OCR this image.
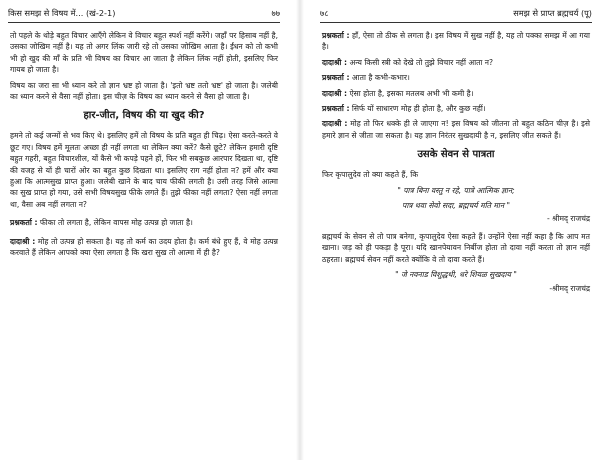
किस समझ से विषय में... (खं-2-1)	७७

तो पहले के थोड़े बहुत विचार आएँगे लेकिन वे विचार बहुत स्पर्श नहीं करेंगे। जहाँ पर हिसाब नहीं है, उसका जोखिम नहीं है। यह तो अगर लिंक जारी रहे तो उसका जोखिम आता है। ईंधन को तो कभी भी हो खुद की माँ के प्रति भी विषय का विचार आ जाता है लेकिन लिंक नहीं होती, इसलिए फिर गायब हो जाता है।

विषय का जरा सा भी ध्यान करे तो ज्ञान भ्रष्ट हो जाता है। 'इतो भ्रष्ट ततो भ्रष्ट' हो जाता है। जलेबी का ध्यान करने से वैसा नहीं होता। इस चीज़ के विषय का ध्यान करने से वैसा हो जाता है।

हार-जीत, विषय की या खुद की?

हमने तो कई जन्मों से भव किए थे। इसलिए हमें तो विषय के प्रति बहुत ही चिढ़। ऐसा करते-करते वे छूट गए। विषय हमें मूलतः अच्छा ही नहीं लगता था लेकिन क्या करें? कैसे छूटे? लेकिन हमारी दृष्टि बहुत गहरी, बहुत विचारशील, यों कैसे भी कपड़े पहने हों, फिर भी सबकुछ आरपार दिखता था, दृष्टि की वजह से यों ही चारों ओर का बहुत कुछ दिखता था। इसलिए राग नहीं होता न? हमें और क्या हुआ कि आत्मसुख प्राप्त हुआ। जलेबी खाने के बाद चाय फीकी लगती है। उसी तरह जिसे आत्मा का सुख प्राप्त हो गया, उसे सभी विषयसुख फीके लगते हैं। तुझे फीका नहीं लगता? ऐसा नहीं लगता था, वैसा अब नहीं लगता न?

प्रश्नकर्ता : फीका तो लगता है, लेकिन वापस मोह उत्पन्न हो जाता है।

दादाश्री : मोह तो उत्पन्न हो सकता है। यह तो कर्म का उदय होता है। कर्म बंधे हुए हैं, वे मोह उत्पन्न करवाते हैं लेकिन आपको क्या ऐसा लगता है कि खरा सुख तो आत्मा में ही है?

७८	समझ से प्राप्त ब्रह्मचर्य (पू)

प्रश्नकर्ता : हाँ, ऐसा तो ठीक से लगता है। इस विषय में सुख नहीं है, यह तो पक्का समझ में आ गया है।

दादाश्री : अन्य किसी स्त्री को देखे तो तुझे विचार नहीं आता न?

प्रश्नकर्ता : आता है कभी-कभार।

दादाश्री : ऐसा होता है, इसका मतलब अभी भी कमी है।

प्रश्नकर्ता : सिर्फ यों साधारण मोह ही होता है, और कुछ नहीं।

दादाश्री : मोह तो फिर धक्के ही ले जाएगा न! इस विषय को जीतना तो बहुत कठिन चीज़ है। इसे हमारे ज्ञान से जीता जा सकता है। यह ज्ञान निरंतर सुखदायी है न, इसलिए जीत सकते हैं।

उसके सेवन से पात्रता

फिर कृपालुदेव तो क्या कहते हैं, कि

" पात्र बिना वस्तु न रहे, पात्रे आत्मिक ज्ञान;
पात्र थवा सेवो सदा, ब्रह्मचर्य मति मान "
- श्रीमद् राजचंद्र

ब्रह्मचर्य के सेवन से तो पात्र बनेगा, कृपालुदेव ऐसा कहते हैं। उन्होंने ऐसा नहीं कहा है कि आप मत खाना। जड़ को ही पकड़ा है पूरा। यदि खानपेयावन निर्बीज होता तो दावा नहीं करता तो ज्ञान नहीं ठहरता। ब्रह्मचर्य सेवन नहीं करते क्योंकि वे तो दावा करते हैं।

" जे नवनाड विशुद्धथी, धरे शियळ सुखदाय "
-श्रीमद् राजचंद्र
